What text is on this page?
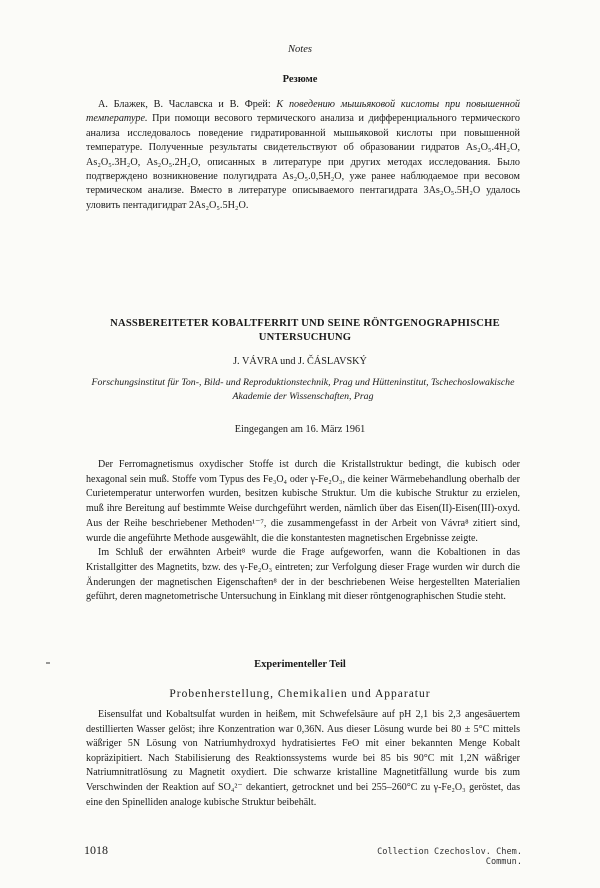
Notes
Резюме

А. Блажек, В. Чаславска и В. Фрей: К поведению мышьяковой кислоты при повышенной температуре. При помощи весового термического анализа и дифференциального термического анализа исследовалось поведение гидратированной мышьяковой кислоты при повышенной температуре. Полученные результаты свидетельствуют об образовании гидратов As₂O₅.4H₂O, As₂O₅.3H₂O, As₂O₅.2H₂O, описанных в литературе при других методах исследования. Было подтверждено возникновение полугидрата As₂O₅.0,5H₂O, уже ранее наблюдаемое при весовом термическом анализе. Вместо в литературе описываемого пентагидрата 3As₂O₅.5H₂O удалось уловить пентадигидрат 2As₂O₅.5H₂O.

NASSBEREITETER KOBALTFERRIT UND SEINE RÖNTGENOGRAPHISCHE UNTERSUCHUNG
J. VÁVRA und J. ČÁSLAVSKÝ
Forschungsinstitut für Ton-, Bild- und Reproduktionstechnik, Prag und Hütteninstitut, Tschechoslowakische Akademie der Wissenschaften, Prag
Eingegangen am 16. März 1961

Der Ferromagnetismus oxydischer Stoffe ist durch die Kristallstruktur bedingt, die kubisch oder hexagonal sein muß. Stoffe vom Typus des Fe₃O₄ oder γ-Fe₂O₃, die keiner Wärmebehandlung oberhalb der Curietemperatur unterworfen wurden, besitzen kubische Struktur. Um die kubische Struktur zu erzielen, muß ihre Bereitung auf bestimmte Weise durchgeführt werden, nämlich über das Eisen(II)-Eisen(III)-oxyd. Aus der Reihe beschriebener Methoden¹⁻⁷, die zusammengefasst in der Arbeit von Vávra⁸ zitiert sind, wurde die angeführte Methode ausgewählt, die die konstantesten magnetischen Ergebnisse zeigte.

Im Schluß der erwähnten Arbeit⁸ wurde die Frage aufgeworfen, wann die Kobaltionen in das Kristallgitter des Magnetits, bzw. des γ-Fe₂O₃ eintreten; zur Verfolgung dieser Frage wurden wir durch die Änderungen der magnetischen Eigenschaften⁸ der in der beschriebenen Weise hergestellten Materialien geführt, deren magnetometrische Untersuchung in Einklang mit dieser röntgenographischen Studie steht.

Experimenteller Teil
Probenherstellung, Chemikalien und Apparatur

Eisensulfat und Kobaltsulfat wurden in heißem, mit Schwefelsäure auf pH 2,1 bis 2,3 angesäuertem destillierten Wasser gelöst; ihre Konzentration war 0,36N. Aus dieser Lösung wurde bei 80 ± 5°C mittels wäßriger 5N Lösung von Natriumhydroxyd hydratisiertes FeO mit einer bekannten Menge Kobalt kopräzipitiert. Nach Stabilisierung des Reaktionssystems wurde bei 85 bis 90°C mit 1,2N wäßriger Natriumnitratlösung zu Magnetit oxydiert. Die schwarze kristalline Magnetitfällung wurde bis zum Verschwinden der Reaktion auf SO₄²⁻ dekantiert, getrocknet und bei 255–260°C zu γ-Fe₂O₃ geröstet, das eine den Spinelliden analoge kubische Struktur beibehält.

1018	Collection Czechoslov. Chem. Commun.
